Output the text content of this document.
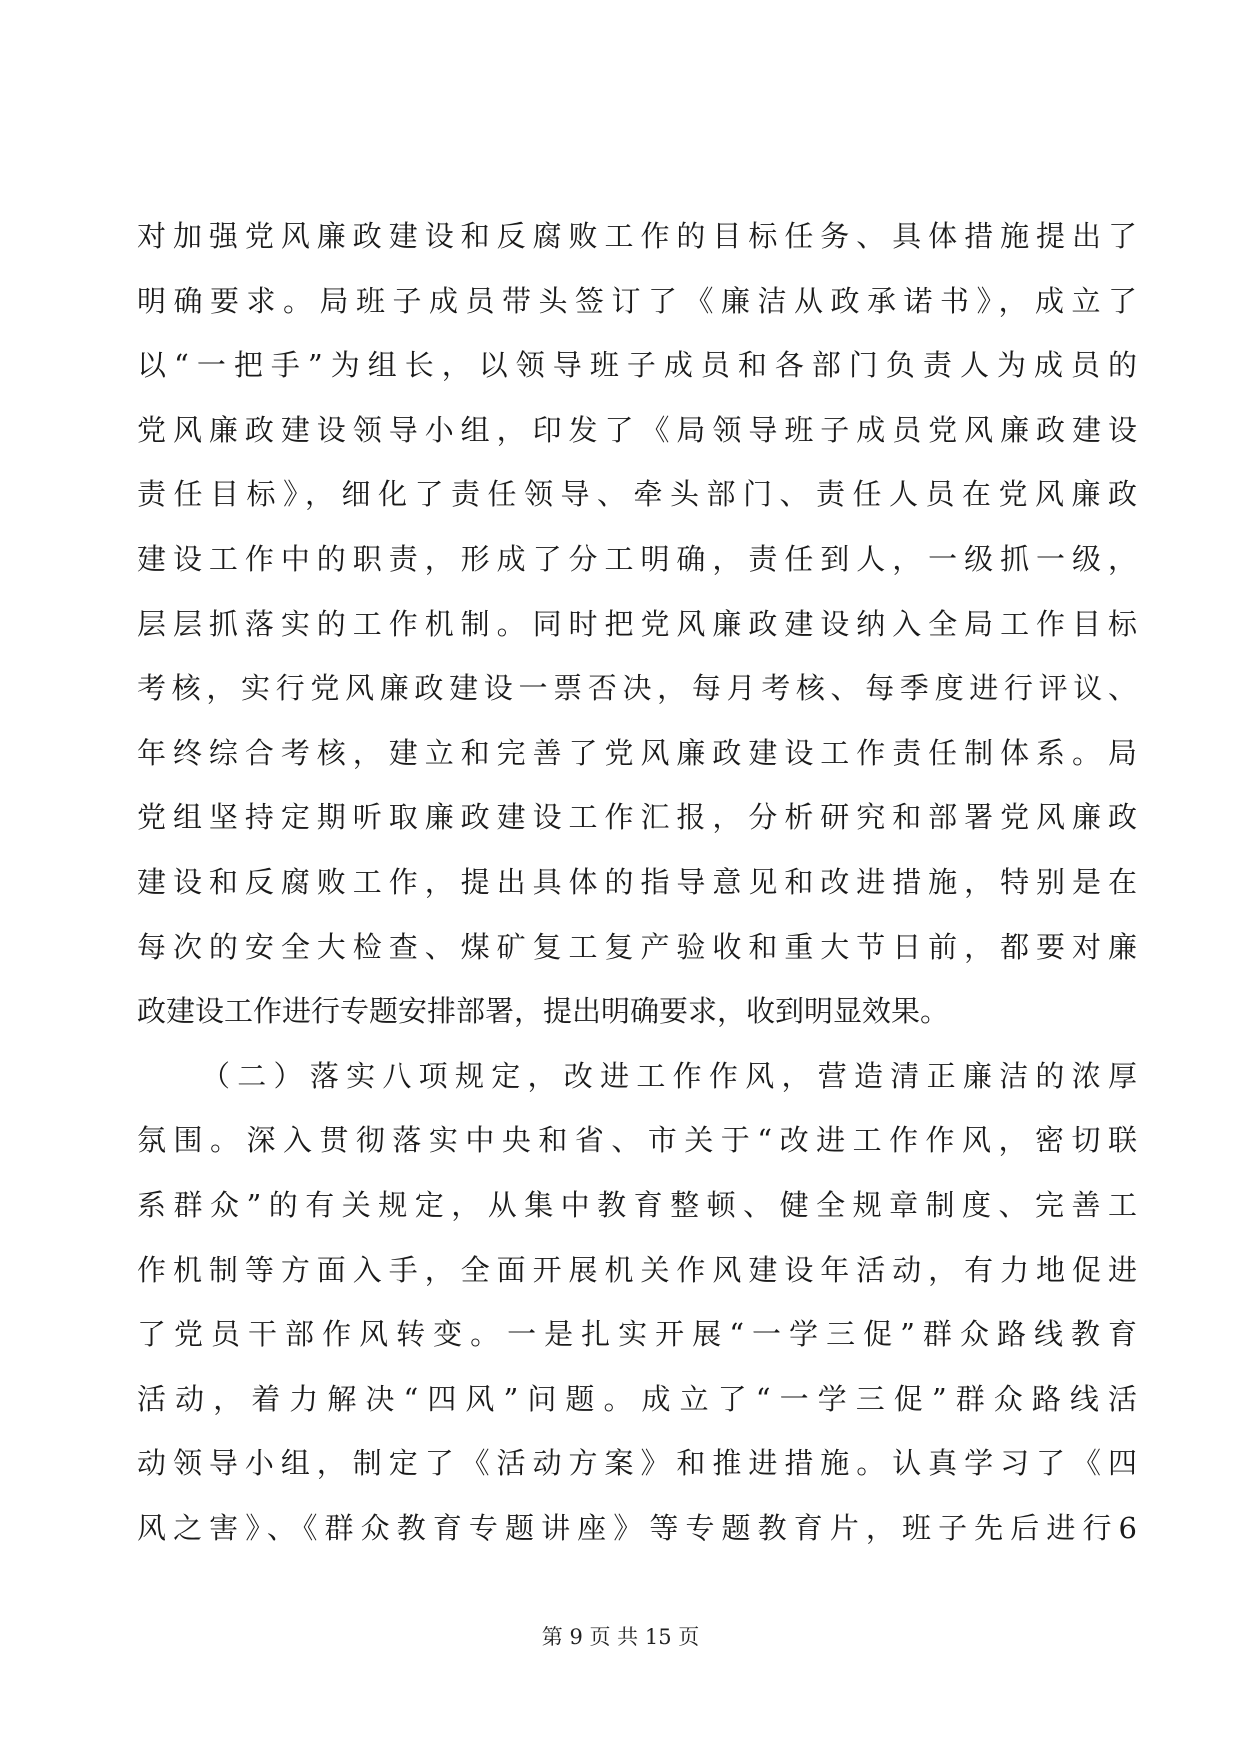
对加强党风廉政建设和反腐败工作的目标任务、具体措施提出了
明确要求。局班子成员带头签订了《廉洁从政承诺书》，成立了
以“一把手”为组长，以领导班子成员和各部门负责人为成员的
党风廉政建设领导小组，印发了《局领导班子成员党风廉政建设
责任目标》，细化了责任领导、牵头部门、责任人员在党风廉政
建设工作中的职责，形成了分工明确，责任到人，一级抓一级，
层层抓落实的工作机制。同时把党风廉政建设纳入全局工作目标
考核，实行党风廉政建设一票否决，每月考核、每季度进行评议、
年终综合考核，建立和完善了党风廉政建设工作责任制体系。局
党组坚持定期听取廉政建设工作汇报，分析研究和部署党风廉政
建设和反腐败工作，提出具体的指导意见和改进措施，特别是在
每次的安全大检查、煤矿复工复产验收和重大节日前，都要对廉
政建设工作进行专题安排部署，提出明确要求，收到明显效果。
（二）落实八项规定，改进工作作风，营造清正廉洁的浓厚
氛围。深入贯彻落实中央和省、市关于“改进工作作风，密切联
系群众”的有关规定，从集中教育整顿、健全规章制度、完善工
作机制等方面入手，全面开展机关作风建设年活动，有力地促进
了党员干部作风转变。一是扎实开展“一学三促”群众路线教育
活动，着力解决“四风”问题。成立了“一学三促”群众路线活
动领导小组，制定了《活动方案》和推进措施。认真学习了《四
风之害》、《群众教育专题讲座》等专题教育片，班子先后进行6
第 9 页 共 15 页
